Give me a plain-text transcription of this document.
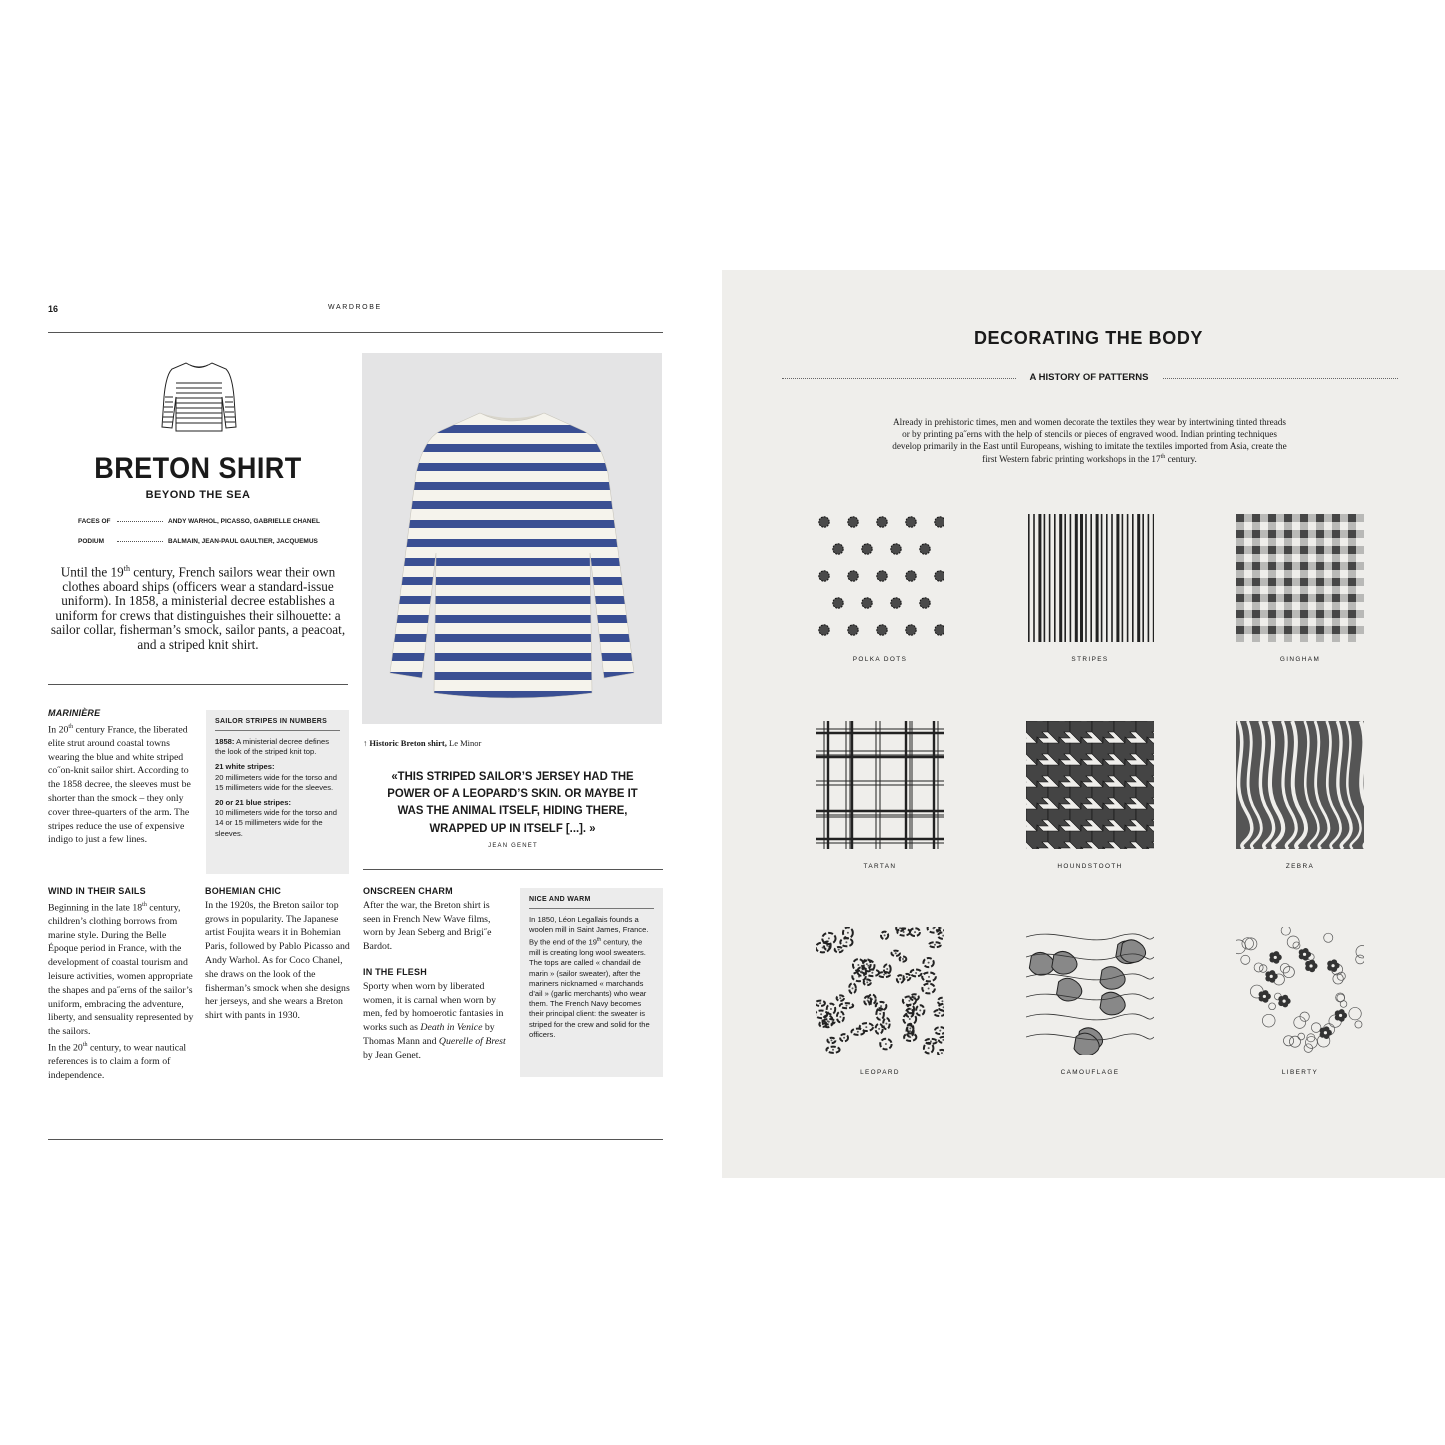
16	WARDROBE
BRETON SHIRT
BEYOND THE SEA
FACES OF	ANDY WARHOL, PICASSO, GABRIELLE CHANEL
PODIUM	BALMAIN, JEAN-PAUL GAULTIER, JACQUEMUS
Until the 19th century, French sailors wear their own clothes aboard ships (officers wear a standard-issue uniform). In 1858, a ministerial decree establishes a uniform for crews that distinguishes their silhouette: a sailor collar, fisherman’s smock, sailor pants, a peacoat, and a striped knit shirt.
MARINIÈRE

In 20th century France, the liberated elite strut around coastal towns wearing the blue and white striped co˝on-knit sailor shirt. According to the 1858 decree, the sleeves must be shorter than the smock – they only cover three-quarters of the arm. The stripes reduce the use of expensive indigo to just a few lines.

SAILOR STRIPES IN NUMBERS
1858: A ministerial decree defines the look of the striped knit top.
21 white stripes:
20 millimeters wide for the torso and 15 millimeters wide for the sleeves.
20 or 21 blue stripes:
10 millimeters wide for the torso and 14 or 15 millimeters wide for the sleeves.
WIND IN THEIR SAILS

Beginning in the late 18th century, children’s clothing borrows from marine style. During the Belle Époque period in France, with the development of coastal tourism and leisure activities, women appropriate the shapes and pa˝erns of the sailor’s uniform, embracing the adventure, liberty, and sensuality represented by the sailors.
In the 20th century, to wear nautical references is to claim a form of independence.

BOHEMIAN CHIC

In the 1920s, the Breton sailor top grows in popularity. The Japanese artist Foujita wears it in Bohemian Paris, followed by Pablo Picasso and Andy Warhol. As for Coco Chanel, she draws on the look of the fisherman’s smock when she designs her jerseys, and she wears a Breton shirt with pants in 1930.

ONSCREEN CHARM

After the war, the Breton shirt is seen in French New Wave films, worn by Jean Seberg and Brigi˝e Bardot.

IN THE FLESH

Sporty when worn by liberated women, it is carnal when worn by men, fed by homoerotic fantasies in works such as Death in Venice by Thomas Mann and Querelle of Brest by Jean Genet.

NICE AND WARM
In 1850, Léon Legallais founds a woolen mill in Saint James, France. By the end of the 19th century, the mill is creating long wool sweaters. The tops are called « chandail de marin » (sailor sweater), after the mariners nicknamed « marchands d’ail » (garlic merchants) who wear them. The French Navy becomes their principal client: the sweater is striped for the crew and solid for the officers.
↑ Historic Breton shirt, Le Minor
«THIS STRIPED SAILOR’S JERSEY HAD THE POWER OF A LEOPARD’S SKIN. OR MAYBE IT WAS THE ANIMAL ITSELF, HIDING THERE, WRAPPED UP IN ITSELF [...]. »
JEAN GENET
DECORATING THE BODY
A HISTORY OF PATTERNS
Already in prehistoric times, men and women decorate the textiles they wear by intertwining tinted threads or by printing pa˝erns with the help of stencils or pieces of engraved wood. Indian printing techniques develop primarily in the East until Europeans, wishing to imitate the textiles imported from Asia, create the first Western fabric printing workshops in the 17th century.
POLKA DOTS	STRIPES	GINGHAM
TARTAN	HOUNDSTOOTH	ZEBRA
LEOPARD	CAMOUFLAGE	LIBERTY
